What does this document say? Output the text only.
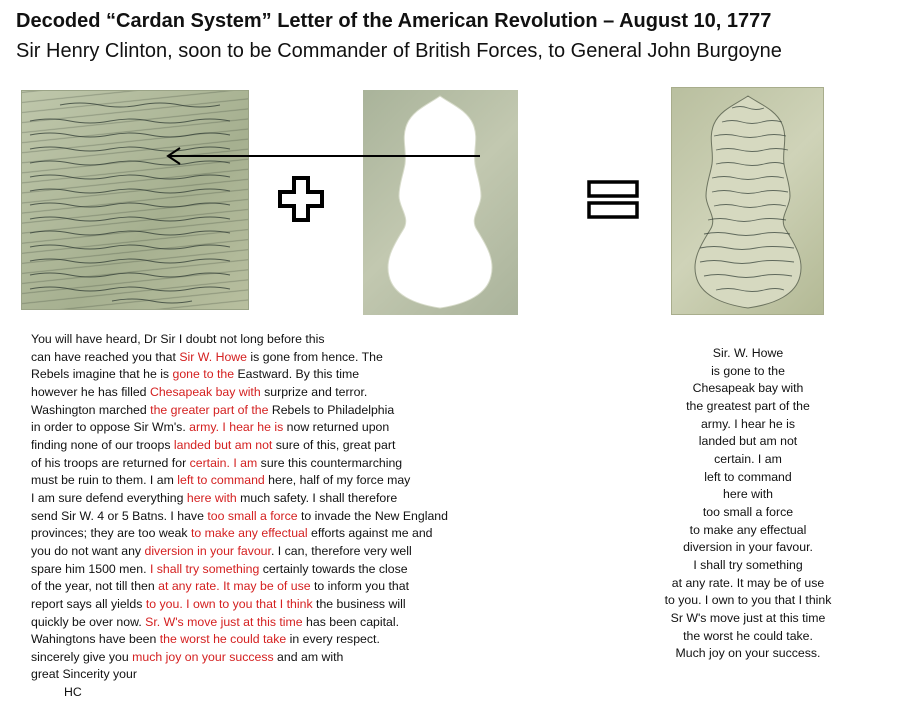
Decoded “Cardan System” Letter of the American Revolution – August 10, 1777
Sir Henry Clinton, soon to be Commander of British Forces, to General John Burgoyne
You will have heard, Dr Sir I doubt not long before this
can have reached you that Sir W. Howe is gone from hence. The
Rebels imagine that he is gone to the Eastward. By this time
however he has filled Chesapeak bay with surprize and terror.
Washington marched the greater part of the Rebels to Philadelphia
in order to oppose Sir Wm's. army. I hear he is now returned upon
finding none of our troops landed but am not sure of this, great part
of his troops are returned for certain. I am sure this countermarching
must be ruin to them. I am left to command here, half of my force may
I am sure defend everything here with much safety. I shall therefore
send Sir W. 4 or 5 Batns. I have too small a force to invade the New England
provinces; they are too weak to make any effectual efforts against me and
you do not want any diversion in your favour. I can, therefore very well
spare him 1500 men. I shall try something certainly towards the close
of the year, not till then at any rate. It may be of use to inform you that
report says all yields to you. I own to you that I think the business will
quickly be over now. Sr. W's move just at this time has been capital.
Wahingtons have been the worst he could take in every respect.
sincerely give you much joy on your success and am with
great Sincerity your
HC
Sir. W. Howe
is gone to the
Chesapeak bay with
the greatest part of the
army. I hear he is
landed but am not
certain. I am
left to command
here with
too small a force
to make any effectual
diversion in your favour.
I shall try something
at any rate. It may be of use
to you. I own to you that I think
Sr W's move just at this time
the worst he could take.
Much joy on your success.
